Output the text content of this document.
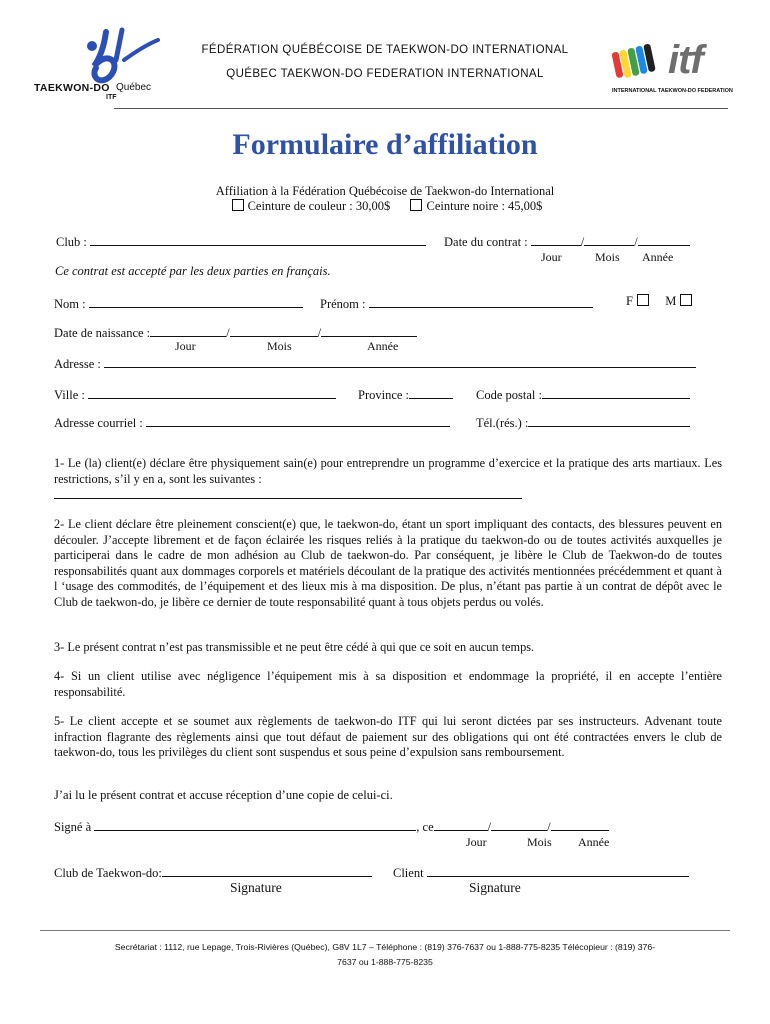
TAEKWON-DO Québec
ITF
FÉDÉRATION QUÉBÉCOISE DE TAEKWON-DO INTERNATIONAL
QUÉBEC TAEKWON-DO FEDERATION INTERNATIONAL	itf
INTERNATIONAL TAEKWON-DO FEDERATION
Formulaire d’affiliation
Affiliation à la Fédération Québécoise de Taekwon-do International
Ceinture de couleur : 30,00$	Ceinture noire : 45,00$
Club :	Date du contrat :	/	/
Jour	Mois Année
Ce contrat est accepté par les deux parties en français.
Nom :	Prénom :	F	M
Date de naissance :	/	/
Jour	Mois	Année
Adresse :
Ville :	Province :	Code postal :
Adresse courriel :	Tél.(rés.) :
1- Le (la) client(e) déclare être physiquement sain(e) pour entreprendre un programme d’exercice et la pratique des arts martiaux. Les restrictions, s’il y en a, sont les suivantes :
2- Le client déclare être pleinement conscient(e) que, le taekwon-do, étant un sport impliquant des contacts, des blessures peuvent en découler. J’accepte librement et de façon éclairée les risques reliés à la pratique du taekwon-do ou de toutes activités auxquelles je participerai dans le cadre de mon adhésion au Club de taekwon-do. Par conséquent, je libère le Club de Taekwon-do de toutes responsabilités quant aux dommages corporels et matériels découlant de la pratique des activités mentionnées précédemment et quant à l ‘usage des commodités, de l’équipement et des lieux mis à ma disposition. De plus, n’étant pas partie à un contrat de dépôt avec le Club de taekwon-do, je libère ce dernier de toute responsabilité quant à tous objets perdus ou volés.
3- Le présent contrat n’est pas transmissible et ne peut être cédé à qui que ce soit en aucun temps.
4- Si un client utilise avec négligence l’équipement mis à sa disposition et endommage la propriété, il en accepte l’entière responsabilité.
5- Le client accepte et se soumet aux règlements de taekwon-do ITF qui lui seront dictées par ses instructeurs. Advenant toute infraction flagrante des règlements ainsi que tout défaut de paiement sur des obligations qui ont été contractées envers le club de taekwon-do, tous les privilèges du client sont suspendus et sous peine d’expulsion sans remboursement.
J’ai lu le présent contrat et accuse réception d’une copie de celui-ci.
Signé à	, ce	/	/
Jour	Mois Année
Club de Taekwon-do:	Client
Signature	Signature
Secrétariat : 1112, rue Lepage, Trois-Rivières (Québec), G8V 1L7 – Téléphone : (819) 376-7637 ou 1-888-775-8235 Télécopieur : (819) 376-
7637 ou 1-888-775-8235
